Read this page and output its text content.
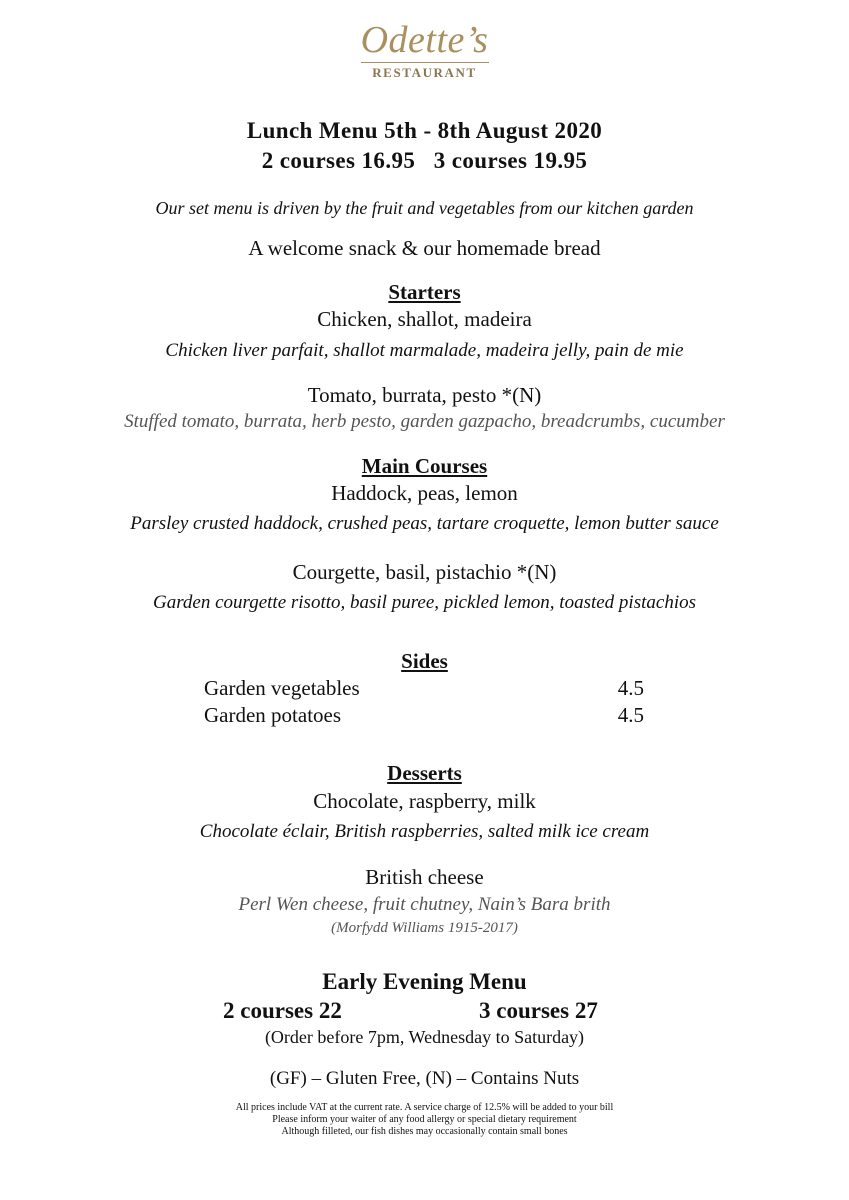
Odette’s
RESTAURANT
Lunch Menu 5th - 8th August 2020
2 courses 16.95   3 courses 19.95
Our set menu is driven by the fruit and vegetables from our kitchen garden
A welcome snack & our homemade bread
Starters
Chicken, shallot, madeira
Chicken liver parfait, shallot marmalade, madeira jelly, pain de mie
Tomato, burrata, pesto *(N)
Stuffed tomato, burrata, herb pesto, garden gazpacho, breadcrumbs, cucumber
Main Courses
Haddock, peas, lemon
Parsley crusted haddock, crushed peas, tartare croquette, lemon butter sauce
Courgette, basil, pistachio *(N)
Garden courgette risotto, basil puree, pickled lemon, toasted pistachios
Sides
Garden vegetables	4.5
Garden potatoes	4.5
Desserts
Chocolate, raspberry, milk
Chocolate éclair, British raspberries, salted milk ice cream
British cheese
Perl Wen cheese, fruit chutney, Nain’s Bara brith
(Morfydd Williams 1915-2017)
Early Evening Menu
2 courses 22	3 courses 27
(Order before 7pm, Wednesday to Saturday)
(GF) – Gluten Free, (N) – Contains Nuts
All prices include VAT at the current rate. A service charge of 12.5% will be added to your bill
Please inform your waiter of any food allergy or special dietary requirement
Although filleted, our fish dishes may occasionally contain small bones
